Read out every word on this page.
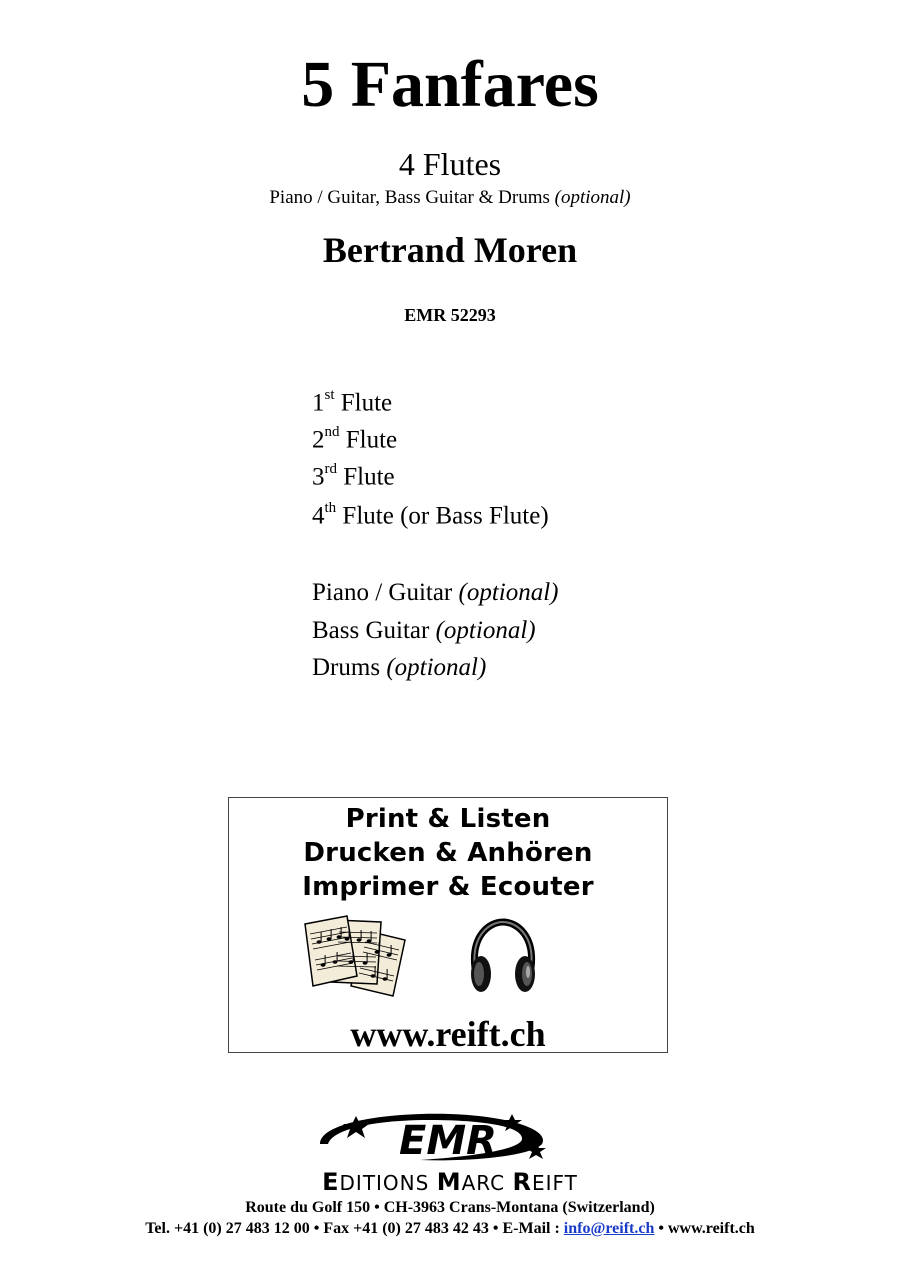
5 Fanfares
4 Flutes
Piano / Guitar, Bass Guitar & Drums (optional)
Bertrand Moren
EMR 52293
1st Flute
2nd Flute
3rd Flute
4th Flute (or Bass Flute)
Piano / Guitar (optional)
Bass Guitar (optional)
Drums (optional)
Print & Listen
Drucken & Anhören
Imprimer & Ecouter
www.reift.ch
EMR
EDITIONS MARC REIFT
Route du Golf 150 • CH-3963 Crans-Montana (Switzerland)
Tel. +41 (0) 27 483 12 00 • Fax +41 (0) 27 483 42 43 • E-Mail : info@reift.ch • www.reift.ch
